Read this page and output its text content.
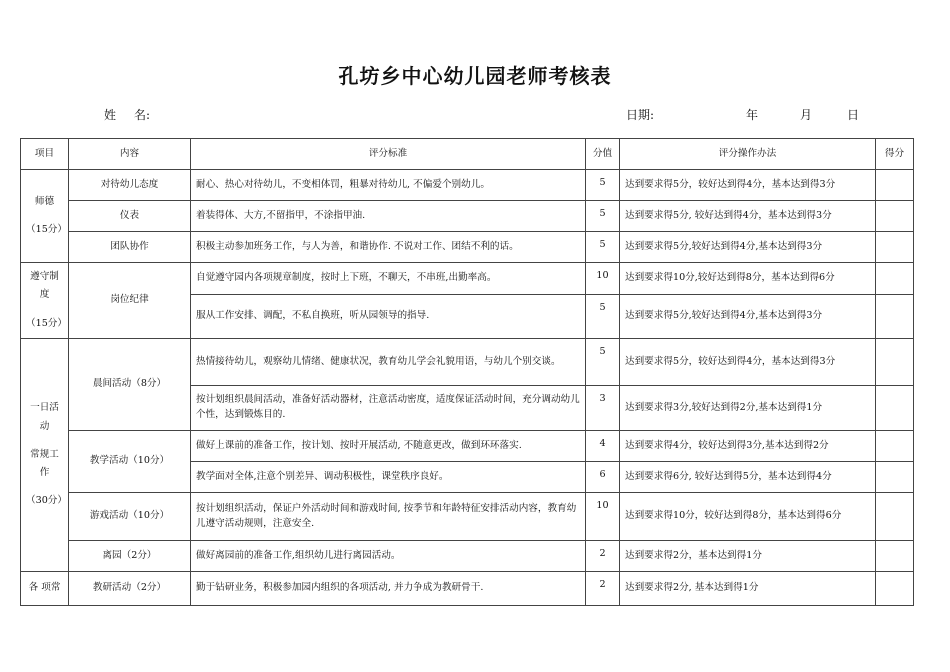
孔坊乡中心幼儿园老师考核表
姓 名:	日期:	年	月	日
项目	内容	评分标准	分值	评分操作办法	得分
师德
（15分）	对待幼儿态度	耐心、热心对待幼儿，不变相体罚，粗暴对待幼儿, 不偏爱个别幼儿。	5	达到要求得5分，较好达到得4分，基本达到得3分	
	仪表	着装得体、大方,不留指甲，不涂指甲油.	5	达到要求得5分, 较好达到得4分，基本达到得3分	
	团队协作	积极主动参加班务工作，与人为善，和谐协作. 不说对工作、团结不利的话。	5	达到要求得5分,较好达到得4分,基本达到得3分	
遵守制
度
（15分）	岗位纪律	自觉遵守园内各项规章制度，按时上下班，不聊天，不串班,出勤率高。	10	达到要求得10分,较好达到得8分，基本达到得6分	
		服从工作安排、调配，不私自换班，听从园领导的指导.	5	达到要求得5分,较好达到得4分,基本达到得3分	
一日活
动
常规工
作
（30分）	晨间活动（8分）	热情接待幼儿，观察幼儿情绪、健康状况，教育幼儿学会礼貌用语，与幼儿个别交谈。	5	达到要求得5分，较好达到得4分，基本达到得3分	
		按计划组织晨间活动，准备好活动器材，注意活动密度，适度保证活动时间，充分调动幼儿个性，达到锻炼目的.	3	达到要求得3分,较好达到得2分,基本达到得1分	
	教学活动（10分）	做好上课前的准备工作，按计划、按时开展活动, 不随意更改，做到环环落实.	4	达到要求得4分，较好达到得3分,基本达到得2分	
		教学面对全体,注意个别差异、调动积极性，课堂秩序良好。	6	达到要求得6分, 较好达到得5分，基本达到得4分	
	游戏活动（10分）	按计划组织活动，保证户外活动时间和游戏时间, 按季节和年龄特征安排活动内容，教育幼儿遵守活动规则，注意安全.	10	达到要求得10分，较好达到得8分，基本达到得6分	
	离园（2分）	做好离园前的准备工作,组织幼儿进行离园活动。	2	达到要求得2分，基本达到得1分	
各 项常	教研活动（2分）	勤于钻研业务，积极参加园内组织的各项活动, 并力争成为教研骨干.	2	达到要求得2分, 基本达到得1分	
